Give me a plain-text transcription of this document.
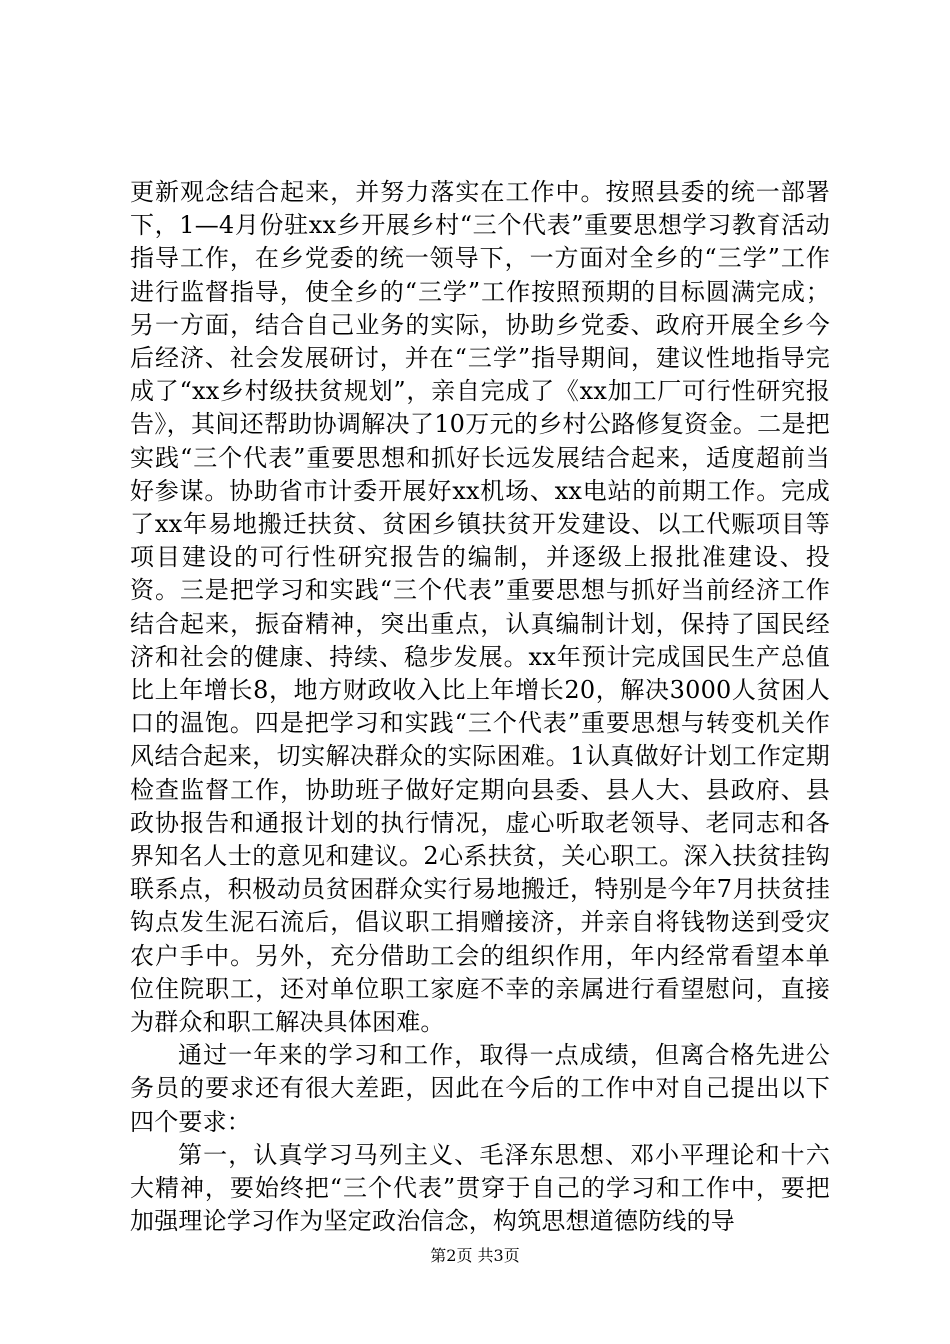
更新观念结合起来，并努力落实在工作中。按照县委的统一部署下，1—4月份驻xx乡开展乡村“三个代表”重要思想学习教育活动指导工作，在乡党委的统一领导下，一方面对全乡的“三学”工作进行监督指导，使全乡的“三学”工作按照预期的目标圆满完成；另一方面，结合自己业务的实际，协助乡党委、政府开展全乡今后经济、社会发展研讨，并在“三学”指导期间，建议性地指导完成了“xx乡村级扶贫规划”，亲自完成了《xx加工厂可行性研究报告》，其间还帮助协调解决了10万元的乡村公路修复资金。二是把实践“三个代表”重要思想和抓好长远发展结合起来，适度超前当好参谋。协助省市计委开展好xx机场、xx电站的前期工作。完成了xx年易地搬迁扶贫、贫困乡镇扶贫开发建设、以工代赈项目等项目建设的可行性研究报告的编制，并逐级上报批准建设、投资。三是把学习和实践“三个代表”重要思想与抓好当前经济工作结合起来，振奋精神，突出重点，认真编制计划，保持了国民经济和社会的健康、持续、稳步发展。xx年预计完成国民生产总值比上年增长8，地方财政收入比上年增长20，解决3000人贫困人口的温饱。四是把学习和实践“三个代表”重要思想与转变机关作风结合起来，切实解决群众的实际困难。1认真做好计划工作定期检查监督工作，协助班子做好定期向县委、县人大、县政府、县政协报告和通报计划的执行情况，虚心听取老领导、老同志和各界知名人士的意见和建议。2心系扶贫，关心职工。深入扶贫挂钩联系点，积极动员贫困群众实行易地搬迁，特别是今年7月扶贫挂钩点发生泥石流后，倡议职工捐赠接济，并亲自将钱物送到受灾农户手中。另外，充分借助工会的组织作用，年内经常看望本单位住院职工，还对单位职工家庭不幸的亲属进行看望慰问，直接为群众和职工解决具体困难。

通过一年来的学习和工作，取得一点成绩，但离合格先进公务员的要求还有很大差距，因此在今后的工作中对自己提出以下四个要求：

第一，认真学习马列主义、毛泽东思想、邓小平理论和十六大精神，要始终把“三个代表”贯穿于自己的学习和工作中，要把加强理论学习作为坚定政治信念，构筑思想道德防线的导

第2页 共3页
